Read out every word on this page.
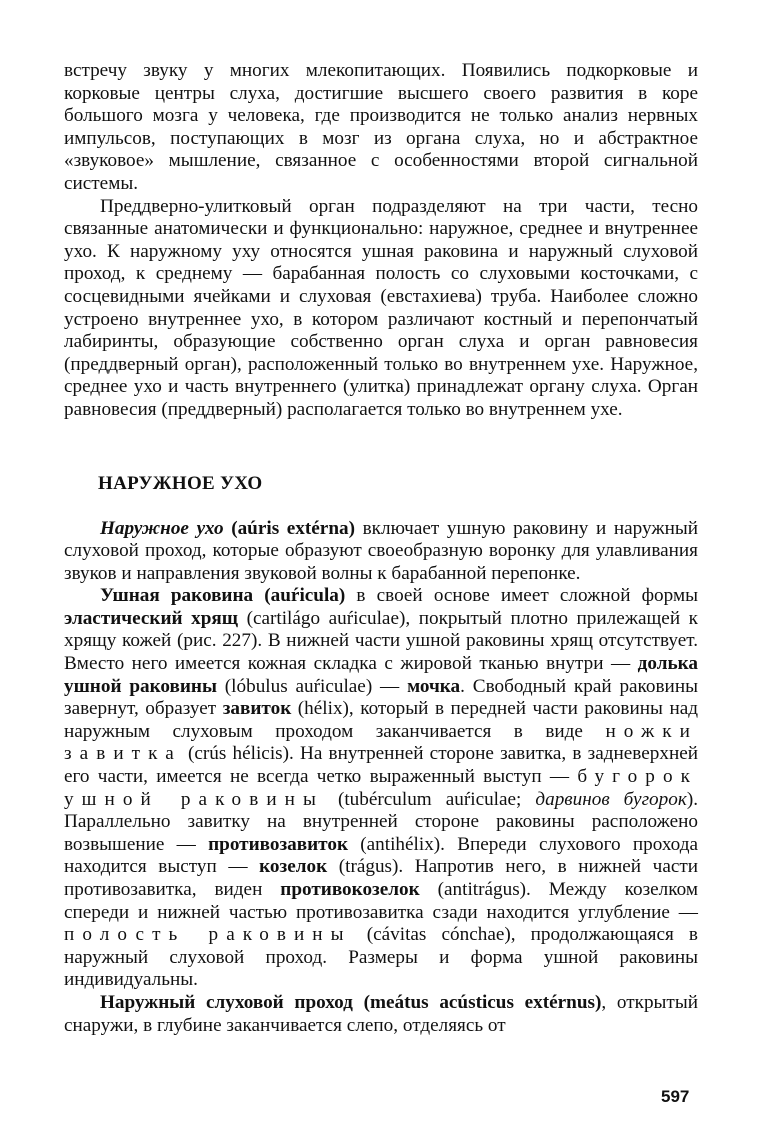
встречу звуку у многих млекопитающих. Появились подкорковые и корковые центры слуха, достигшие высшего своего развития в коре большого мозга у человека, где производится не только анализ нервных импульсов, поступающих в мозг из органа слуха, но и абстрактное «звуковое» мышление, связанное с особенностями второй сигнальной системы.

Преддверно-улитковый орган подразделяют на три части, тесно связанные анатомически и функционально: наружное, среднее и внутреннее ухо. К наружному уху относятся ушная раковина и наружный слуховой проход, к среднему — барабанная полость со слуховыми косточками, с сосцевидными ячейками и слуховая (евстахиева) труба. Наиболее сложно устроено внутреннее ухо, в котором различают костный и перепончатый лабиринты, образующие собственно орган слуха и орган равновесия (преддверный орган), расположенный только во внутреннем ухе. Наружное, среднее ухо и часть внутреннего (улитка) принадлежат органу слуха. Орган равновесия (преддверный) располагается только во внутреннем ухе.

НАРУЖНОЕ УХО

Наружное ухо (aúris extérna) включает ушную раковину и наружный слуховой проход, которые образуют своеобразную воронку для улавливания звуков и направления звуковой волны к барабанной перепонке.

Ушная раковина (auŕicula) в своей основе имеет сложной формы эластический хрящ (cartilágo auŕiculae), покрытый плотно прилежащей к хрящу кожей (рис. 227). В нижней части ушной раковины хрящ отсутствует. Вместо него имеется кожная складка с жировой тканью внутри — долька ушной раковины (lóbulus auŕiculae) — мочка. Свободный край раковины завернут, образует завиток (hélix), который в передней части раковины над наружным слуховым проходом заканчивается в виде ножки завитка (crús hélicis). На внутренней стороне завитка, в задневерхней его части, имеется не всегда четко выраженный выступ — бугорок ушной раковины (tubérculum auŕiculae; дарвинов бугорок). Параллельно завитку на внутренней стороне раковины расположено возвышение — противозавиток (antihélix). Впереди слухового прохода находится выступ — козелок (trágus). Напротив него, в нижней части противозавитка, виден противокозелок (antitrágus). Между козелком спереди и нижней частью противозавитка сзади находится углубление — полость раковины (cávitas cónchae), продолжающаяся в наружный слуховой проход. Размеры и форма ушной раковины индивидуальны.

Наружный слуховой проход (meátus acústicus extérnus), открытый снаружи, в глубине заканчивается слепо, отделяясь от

597
